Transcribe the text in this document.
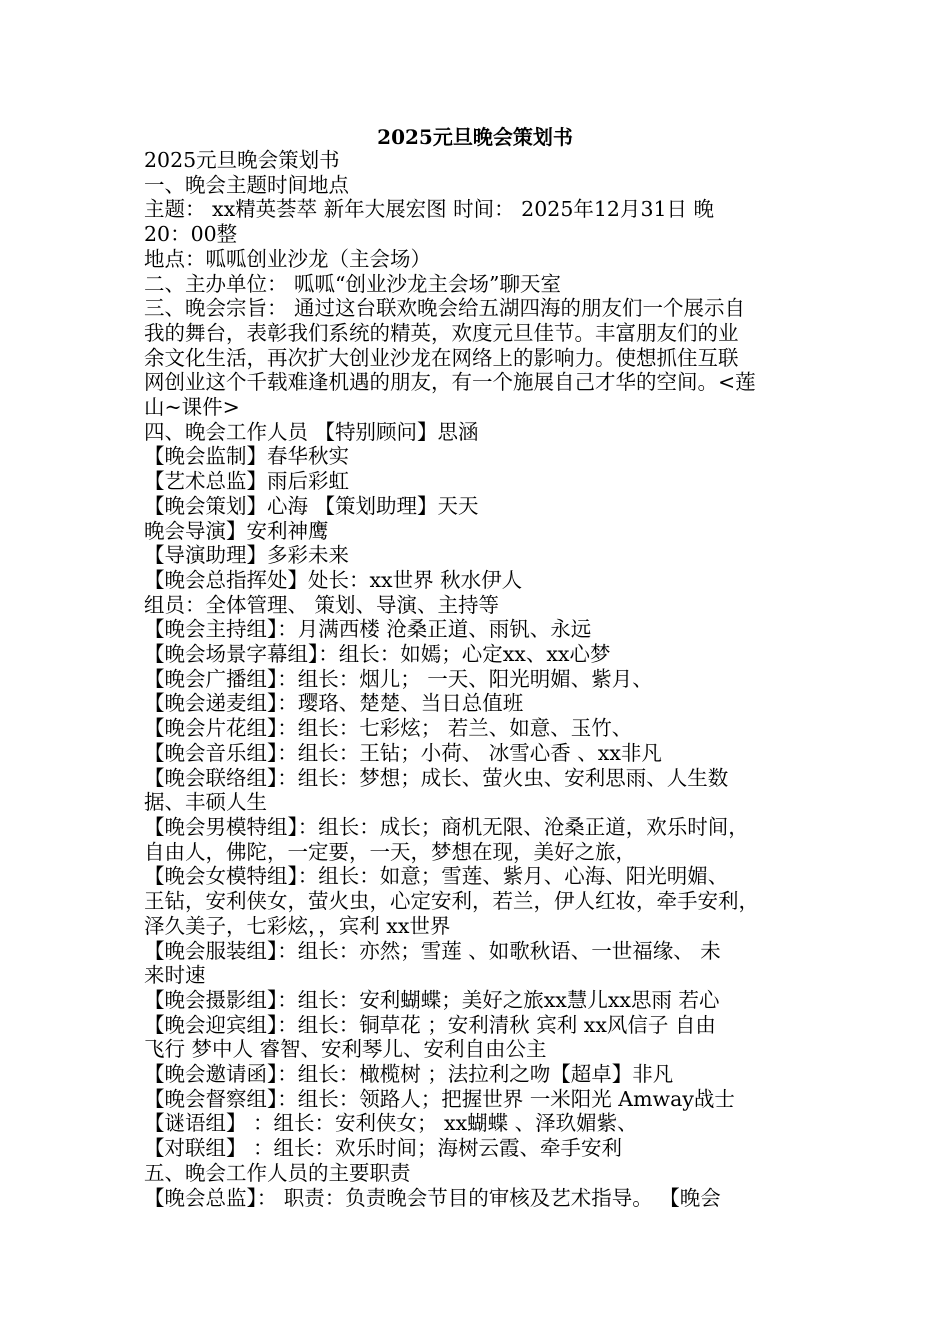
2025元旦晚会策划书

2025元旦晚会策划书

一、晚会主题时间地点

主题： xx精英荟萃 新年大展宏图 时间： 2025年12月31日 晚

20：00整

地点：呱呱创业沙龙（主会场）

二、主办单位： 呱呱“创业沙龙主会场”聊天室

三、晚会宗旨： 通过这台联欢晚会给五湖四海的朋友们一个展示自

我的舞台，表彰我们系统的精英，欢度元旦佳节。丰富朋友们的业

余文化生活，再次扩大创业沙龙在网络上的影响力。使想抓住互联

网创业这个千载难逢机遇的朋友，有一个施展自己才华的空间。<莲

山~课件>

四、晚会工作人员 【特别顾问】思涵

【晚会监制】春华秋实

【艺术总监】雨后彩虹

【晚会策划】心海 【策划助理】天天

晚会导演】安利神鹰

【导演助理】多彩未来

【晚会总指挥处】处长：xx世界 秋水伊人

组员：全体管理、 策划、导演、主持等

【晚会主持组】：月满西楼 沧桑正道、雨钒、永远

【晚会场景字幕组】：组长：如嫣；心定xx、xx心梦

【晚会广播组】：组长：烟儿； 一天、阳光明媚、紫月、

【晚会递麦组】：璎珞、楚楚、当日总值班

【晚会片花组】：组长：七彩炫； 若兰、如意、玉竹、

【晚会音乐组】：组长：王钻；小荷、 冰雪心香 、xx非凡

【晚会联络组】：组长：梦想；成长、萤火虫、安利思雨、人生数

据、丰硕人生

【晚会男模特组】：组长：成长；商机无限、沧桑正道，欢乐时间，

自由人，佛陀，一定要，一天，梦想在现，美好之旅，

【晚会女模特组】：组长：如意；雪莲、紫月、心海、阳光明媚、

王钻，安利侠女，萤火虫，心定安利，若兰，伊人红妆，牵手安利，

泽久美子，七彩炫，，宾利 xx世界

【晚会服装组】：组长：亦然；雪莲 、如歌秋语、一世福缘、 未

来时速

【晚会摄影组】：组长：安利蝴蝶；美好之旅xx慧儿xx思雨 若心

【晚会迎宾组】：组长：铜草花 ；安利清秋 宾利 xx风信子 自由

飞行 梦中人 睿智、安利琴儿、安利自由公主

【晚会邀请函】：组长：橄榄树 ；法拉利之吻【超卓】非凡

【晚会督察组】：组长：领路人；把握世界 一米阳光 Amway战士

【谜语组】 ：组长：安利侠女； xx蝴蝶 、泽玖媚紫、

【对联组】 ：组长：欢乐时间；海树云霞、牵手安利

五、晚会工作人员的主要职责

【晚会总监】： 职责：负责晚会节目的审核及艺术指导。 【晚会
